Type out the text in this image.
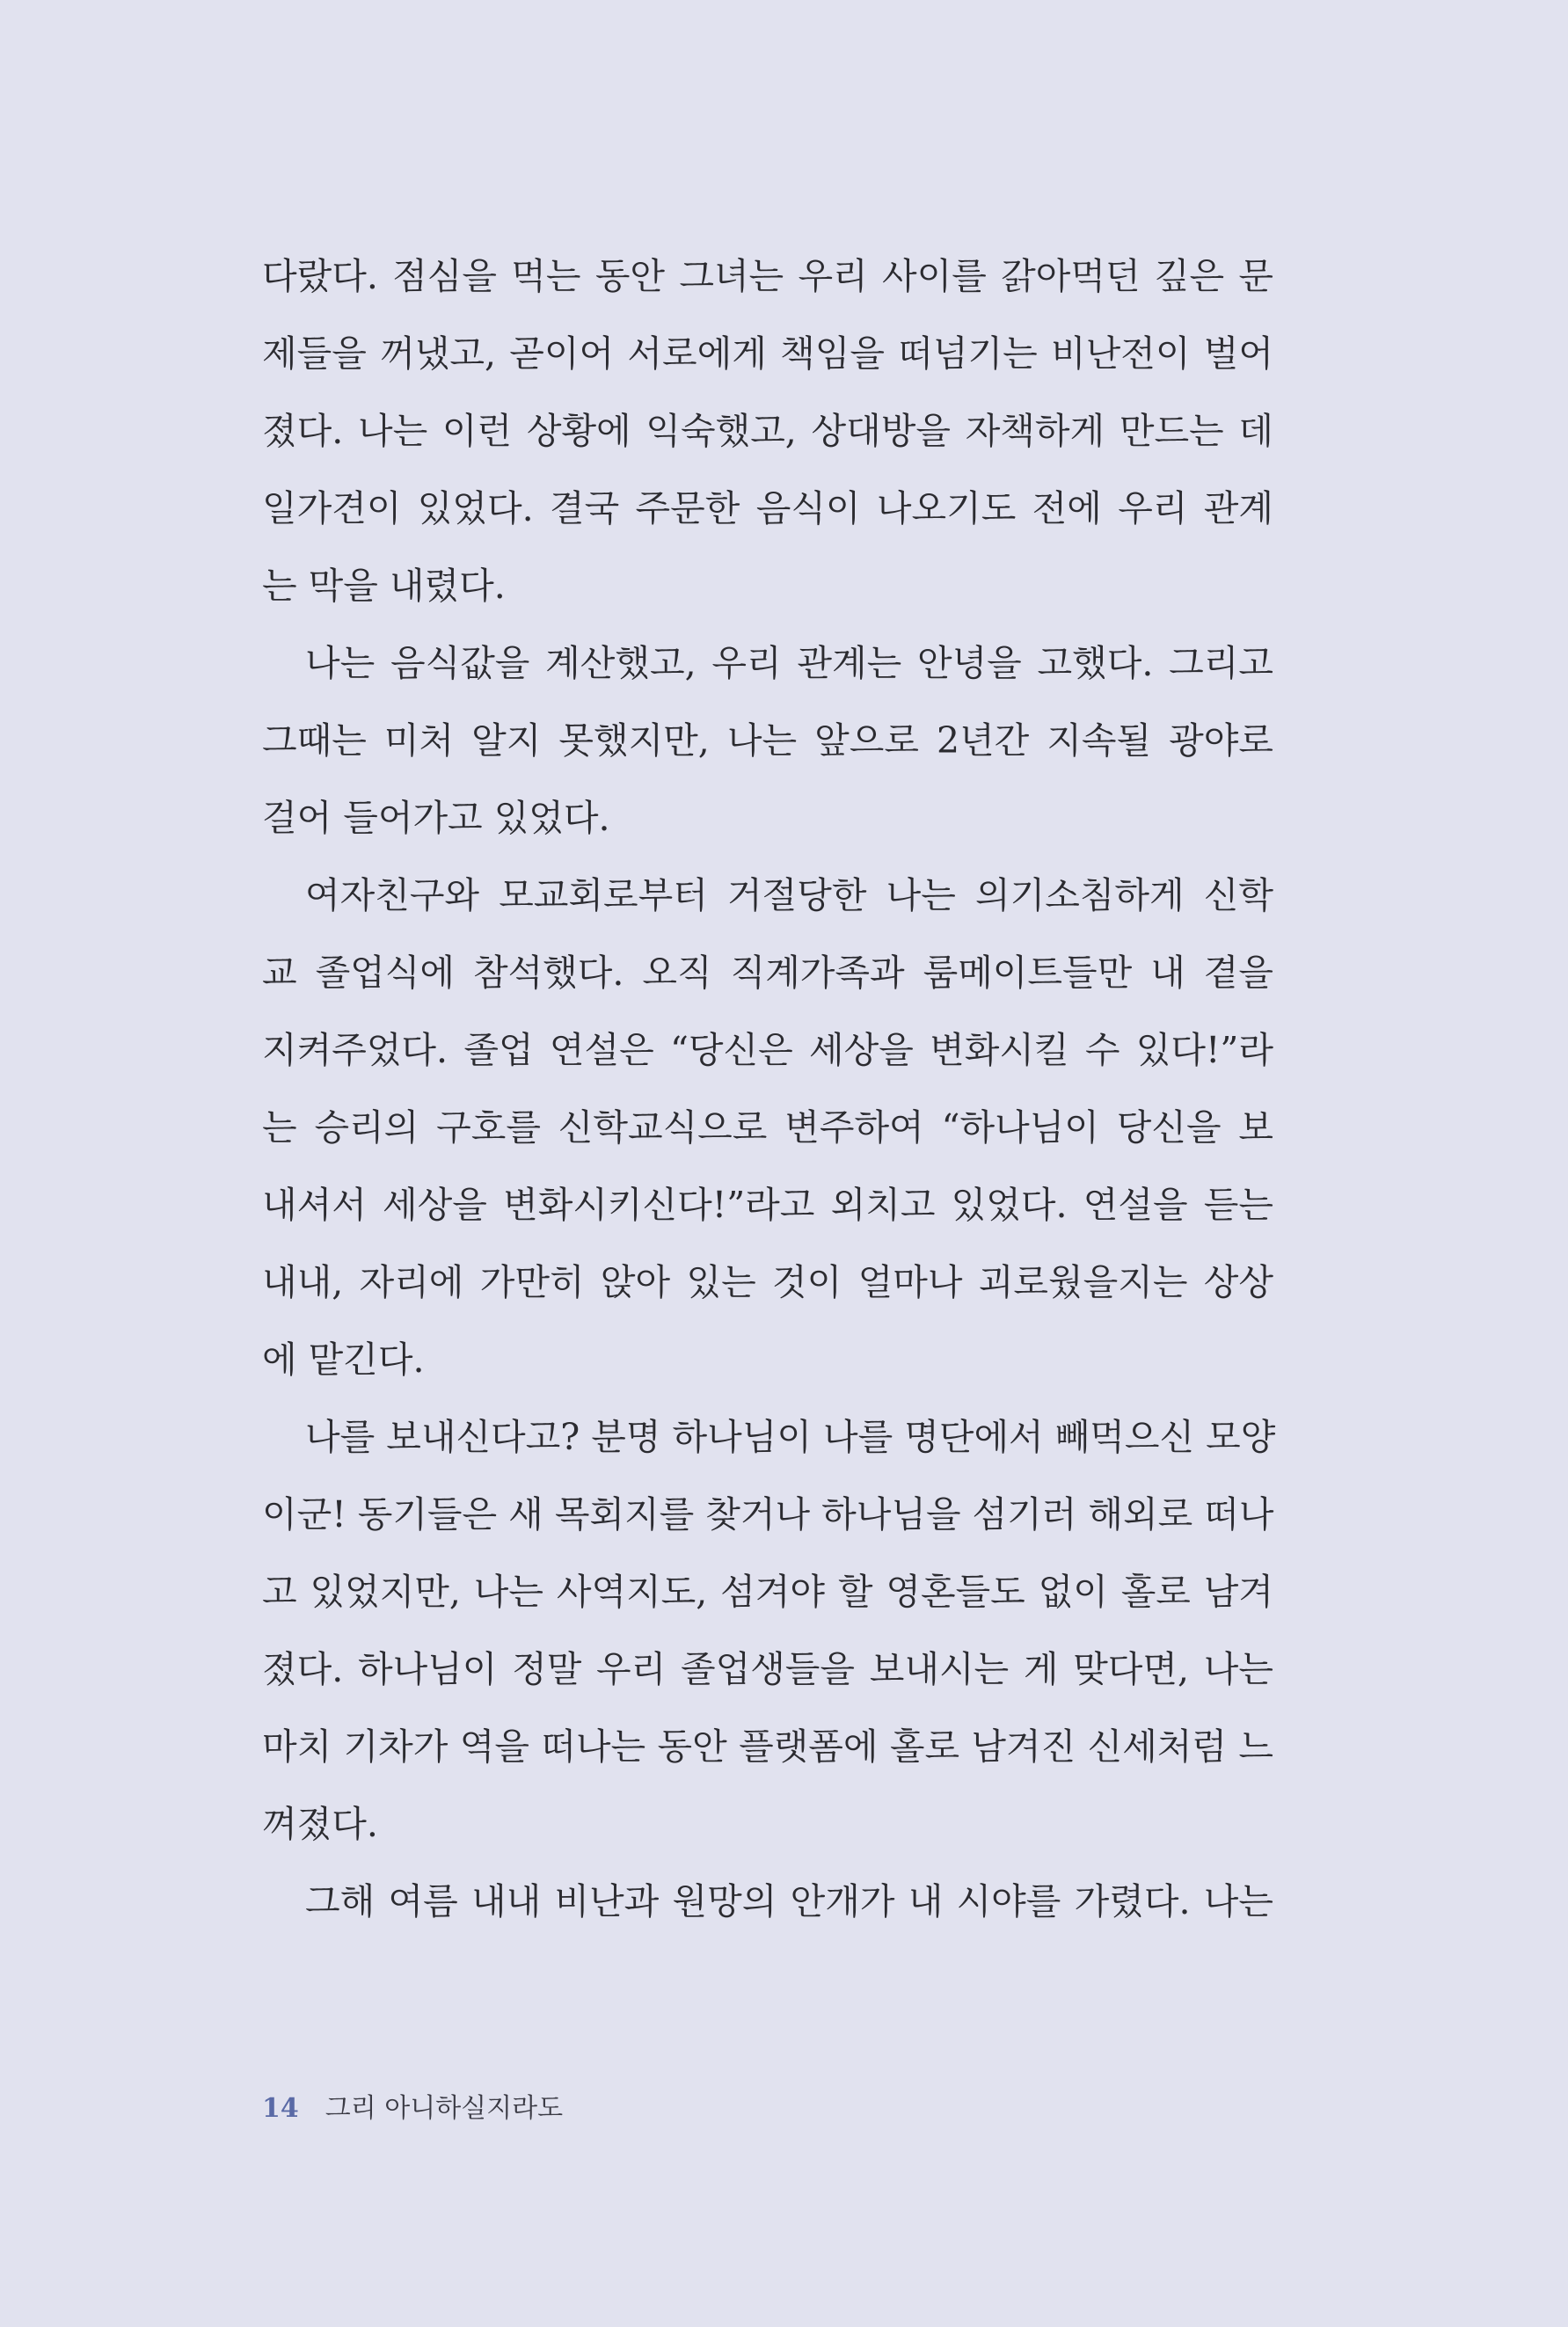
다랐다. 점심을 먹는 동안 그녀는 우리 사이를 갉아먹던 깊은 문
제들을 꺼냈고, 곧이어 서로에게 책임을 떠넘기는 비난전이 벌어
졌다. 나는 이런 상황에 익숙했고, 상대방을 자책하게 만드는 데
일가견이 있었다. 결국 주문한 음식이 나오기도 전에 우리 관계
는 막을 내렸다.
나는 음식값을 계산했고, 우리 관계는 안녕을 고했다. 그리고
그때는 미처 알지 못했지만, 나는 앞으로 2년간 지속될 광야로
걸어 들어가고 있었다.
여자친구와 모교회로부터 거절당한 나는 의기소침하게 신학
교 졸업식에 참석했다. 오직 직계가족과 룸메이트들만 내 곁을
지켜주었다. 졸업 연설은 “당신은 세상을 변화시킬 수 있다!”라
는 승리의 구호를 신학교식으로 변주하여 “하나님이 당신을 보
내셔서 세상을 변화시키신다!”라고 외치고 있었다. 연설을 듣는
내내, 자리에 가만히 앉아 있는 것이 얼마나 괴로웠을지는 상상
에 맡긴다.
나를 보내신다고? 분명 하나님이 나를 명단에서 빼먹으신 모양
이군! 동기들은 새 목회지를 찾거나 하나님을 섬기러 해외로 떠나
고 있었지만, 나는 사역지도, 섬겨야 할 영혼들도 없이 홀로 남겨
졌다. 하나님이 정말 우리 졸업생들을 보내시는 게 맞다면, 나는
마치 기차가 역을 떠나는 동안 플랫폼에 홀로 남겨진 신세처럼 느
껴졌다.
그해 여름 내내 비난과 원망의 안개가 내 시야를 가렸다. 나는
14 그리 아니하실지라도
